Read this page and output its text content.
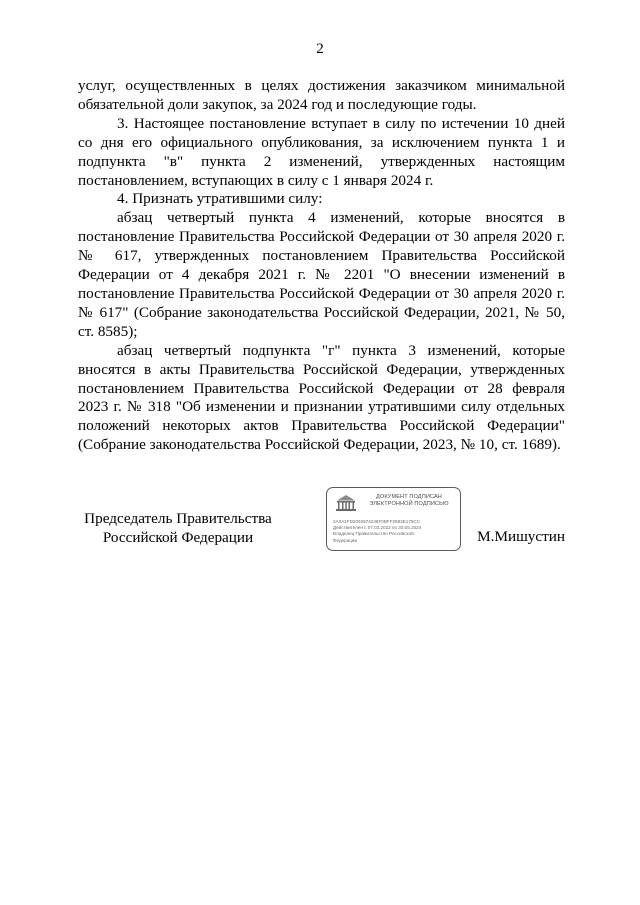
2

услуг, осуществленных в целях достижения заказчиком минимальной обязательной доли закупок, за 2024 год и последующие годы.

3. Настоящее постановление вступает в силу по истечении 10 дней со дня его официального опубликования, за исключением пункта 1 и подпункта "в" пункта 2 изменений, утвержденных настоящим постановлением, вступающих в силу с 1 января 2024 г.

4. Признать утратившими силу:

абзац четвертый пункта 4 изменений, которые вносятся в постановление Правительства Российской Федерации от 30 апреля 2020 г. № 617, утвержденных постановлением Правительства Российской Федерации от 4 декабря 2021 г. № 2201 "О внесении изменений в постановление Правительства Российской Федерации от 30 апреля 2020 г. № 617" (Собрание законодательства Российской Федерации, 2021, № 50, ст. 8585);

абзац четвертый подпункта "г" пункта 3 изменений, которые вносятся в акты Правительства Российской Федерации, утвержденных постановлением Правительства Российской Федерации от 28 февраля 2023 г. № 318 "Об изменении и признании утратившими силу отдельных положений некоторых актов Правительства Российской Федерации" (Собрание законодательства Российской Федерации, 2023, № 10, ст. 1689).

Председатель Правительства
Российской Федерации
ДОКУМЕНТ ПОДПИСАН
ЭЛЕКТРОННОЙ ПОДПИСЬЮ
2A3A1FD2092974248F0BFF2983E179CC
Действителен с 07.03.2023 по 30.05.2024
Владелец Правительство Российской
Федерации	М.Мишустин
